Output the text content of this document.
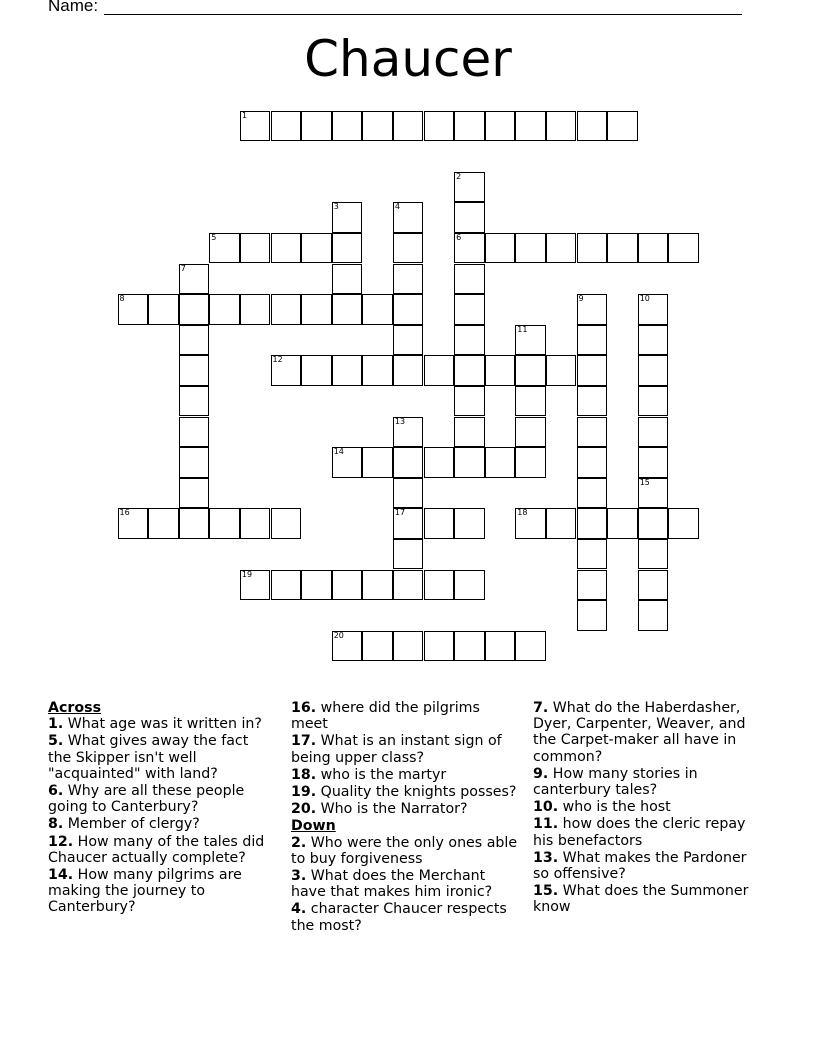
Name:
Chaucer
1
2
6
3	4
5
7
8	9	10
11
12
13
17
14
15
16	18
19
20
Across
1. What age was it written in?
5. What gives away the fact the Skipper isn't well "acquainted" with land?
6. Why are all these people going to Canterbury?
8. Member of clergy?
12. How many of the tales did Chaucer actually complete?
14. How many pilgrims are making the journey to Canterbury?
16. where did the pilgrims meet
17. What is an instant sign of being upper class?
18. who is the martyr
19. Quality the knights posses?
20. Who is the Narrator?
Down
2. Who were the only ones able to buy forgiveness
3. What does the Merchant have that makes him ironic?
4. character Chaucer respects the most?
7. What do the Haberdasher, Dyer, Carpenter, Weaver, and the Carpet-maker all have in common?
9. How many stories in canterbury tales?
10. who is the host
11. how does the cleric repay his benefactors
13. What makes the Pardoner so offensive?
15. What does the Summoner know
